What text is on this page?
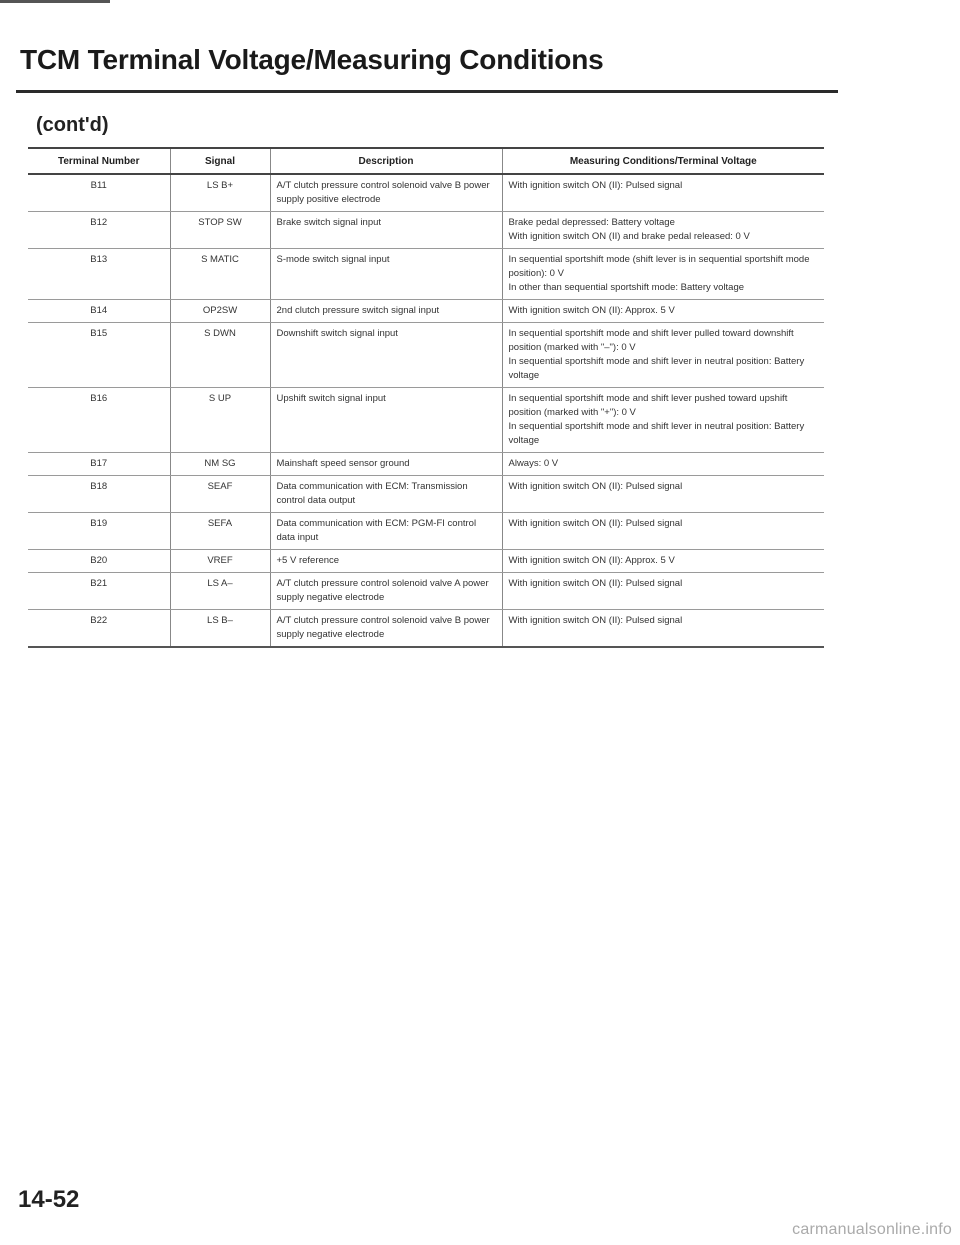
TCM Terminal Voltage/Measuring Conditions
(cont'd)
Terminal Number	Signal	Description	Measuring Conditions/Terminal Voltage
B11	LS B+	A/T clutch pressure control solenoid valve B power supply positive electrode	With ignition switch ON (II): Pulsed signal
B12	STOP SW	Brake switch signal input	Brake pedal depressed: Battery voltage
With ignition switch ON (II) and brake pedal released: 0 V
B13	S MATIC	S-mode switch signal input	In sequential sportshift mode (shift lever is in sequential sportshift mode position): 0 V
In other than sequential sportshift mode: Battery voltage
B14	OP2SW	2nd clutch pressure switch signal input	With ignition switch ON (II): Approx. 5 V
B15	S DWN	Downshift switch signal input	In sequential sportshift mode and shift lever pulled toward downshift position (marked with "–"): 0 V
In sequential sportshift mode and shift lever in neutral position: Battery voltage
B16	S UP	Upshift switch signal input	In sequential sportshift mode and shift lever pushed toward upshift position (marked with "+"): 0 V
In sequential sportshift mode and shift lever in neutral position: Battery voltage
B17	NM SG	Mainshaft speed sensor ground	Always: 0 V
B18	SEAF	Data communication with ECM: Transmission control data output	With ignition switch ON (II): Pulsed signal
B19	SEFA	Data communication with ECM: PGM-FI control data input	With ignition switch ON (II): Pulsed signal
B20	VREF	+5 V reference	With ignition switch ON (II): Approx. 5 V
B21	LS A–	A/T clutch pressure control solenoid valve A power supply negative electrode	With ignition switch ON (II): Pulsed signal
B22	LS B–	A/T clutch pressure control solenoid valve B power supply negative electrode	With ignition switch ON (II): Pulsed signal
14-52
carmanualsonline.info
